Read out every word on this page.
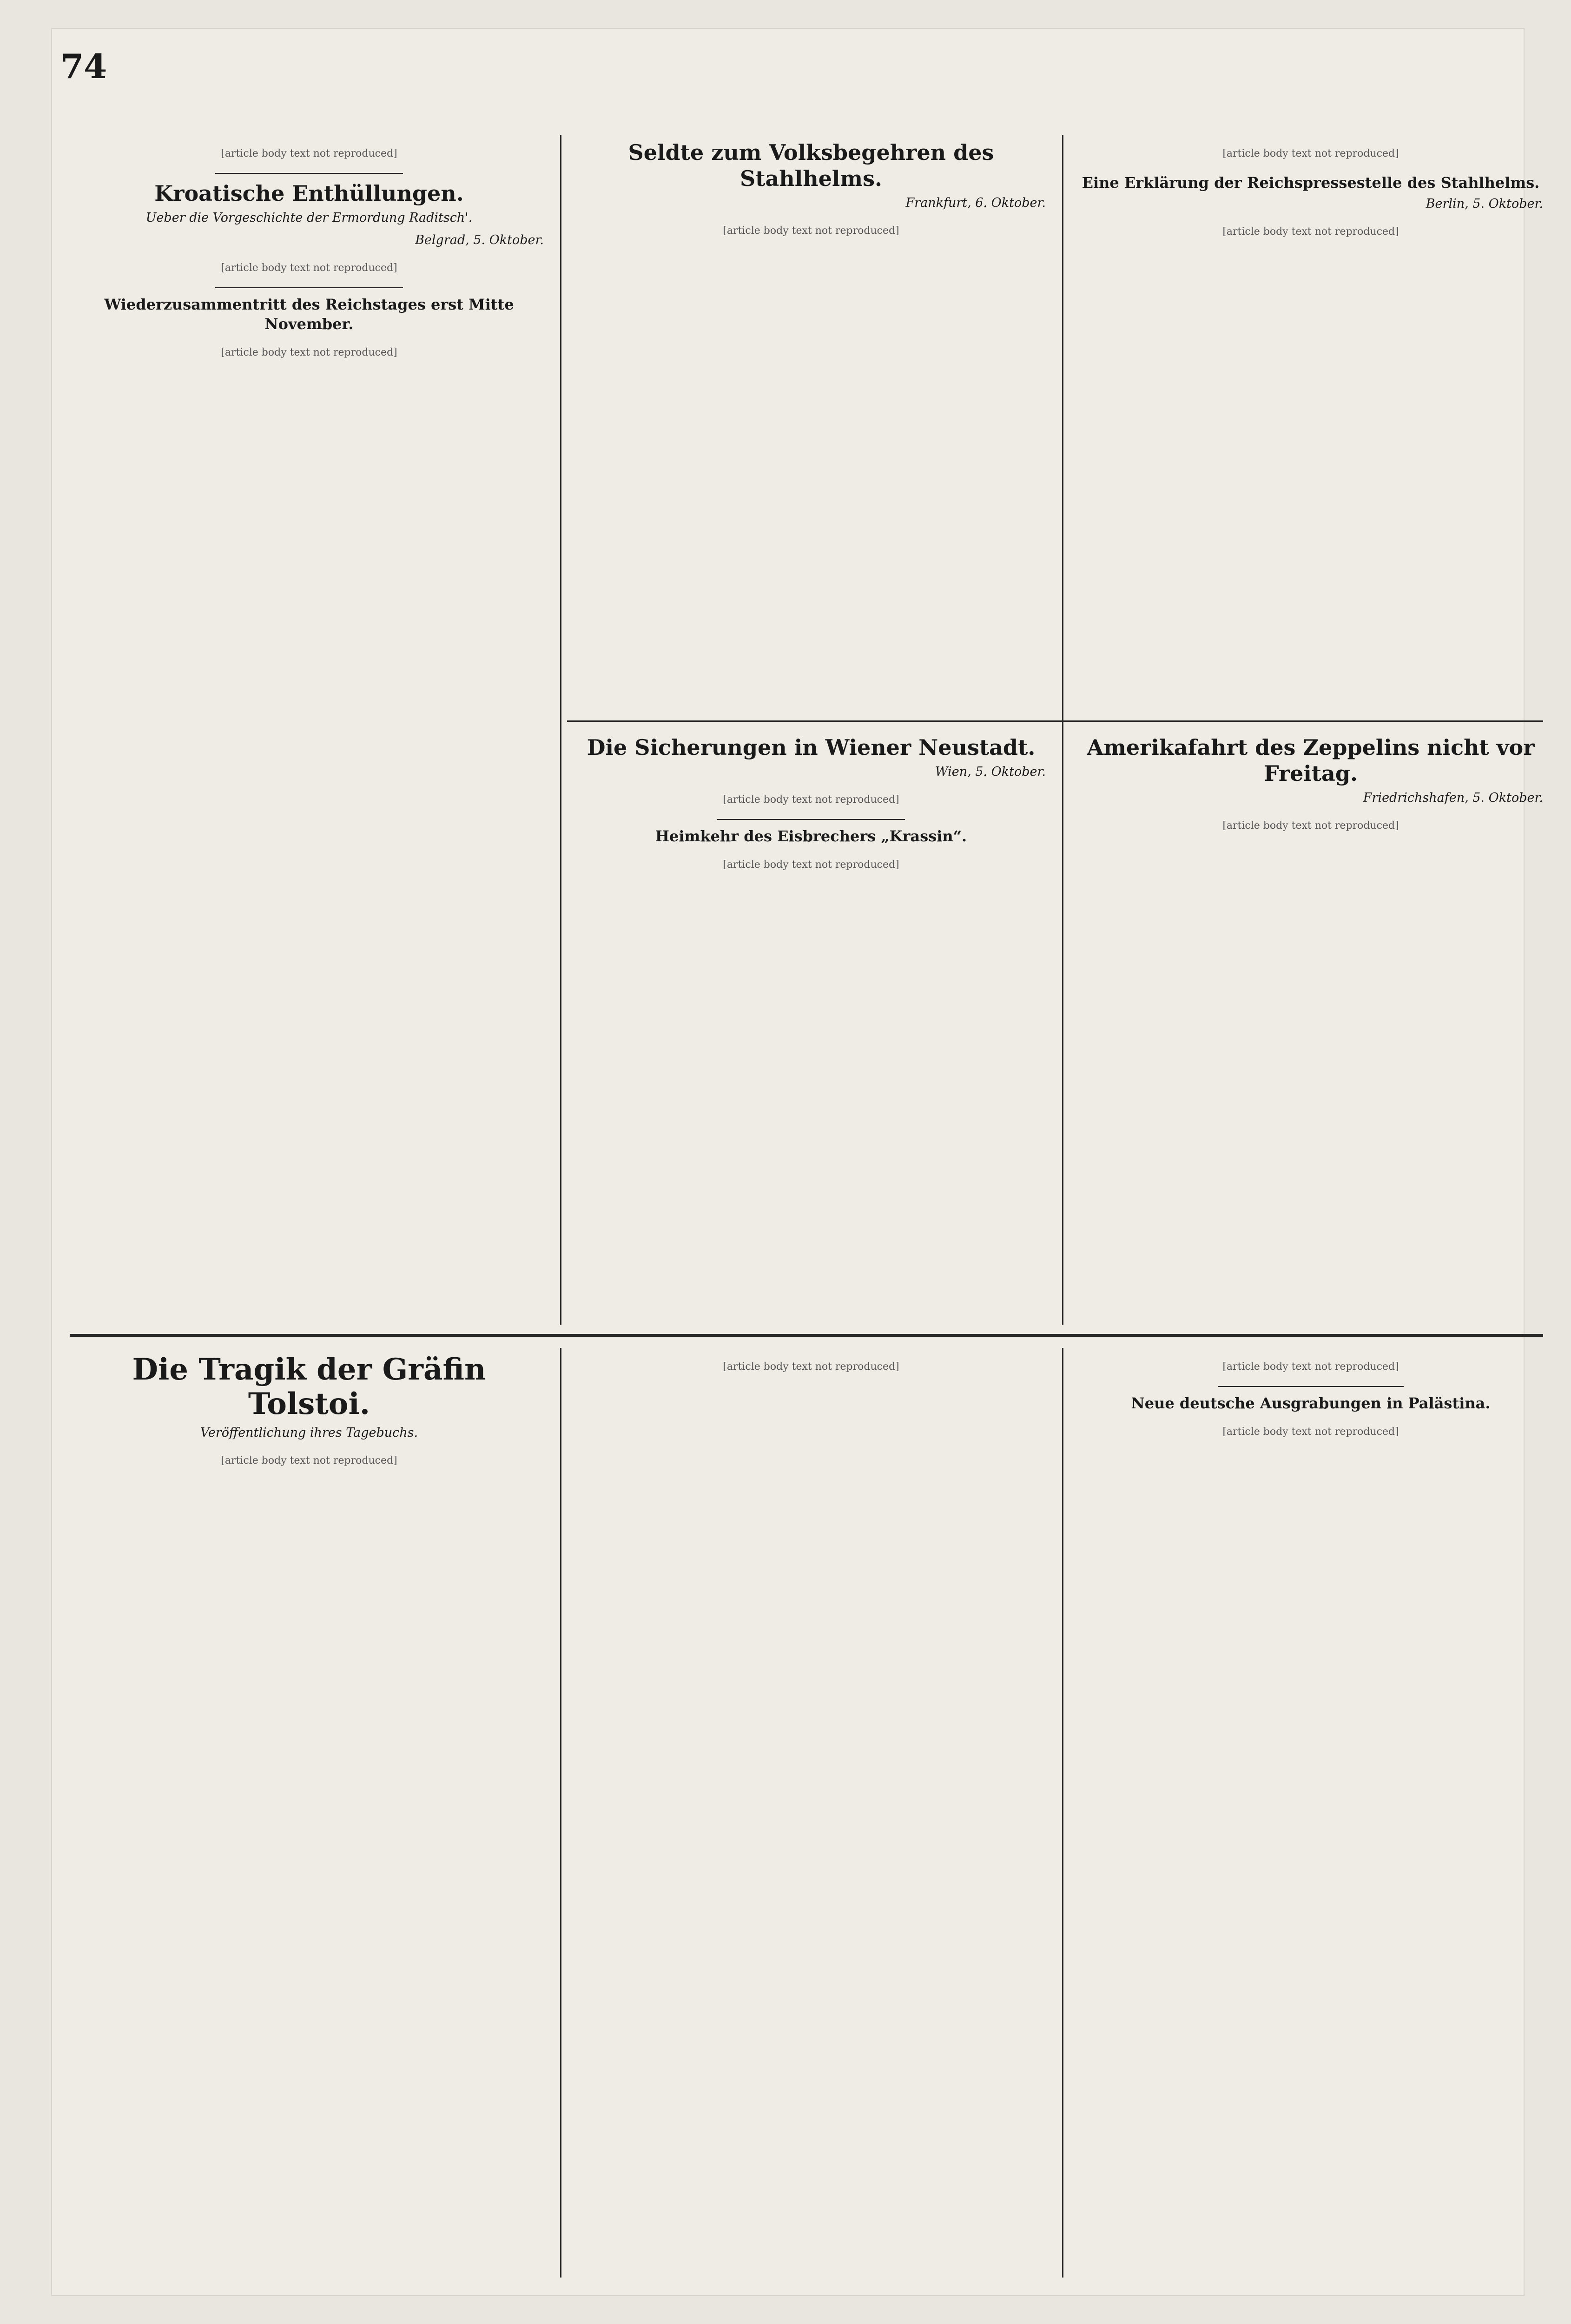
74

[article body text not reproduced]

Kroatische Enthüllungen.
Ueber die Vorgeschichte der Ermordung Raditsch'.
Belgrad, 5. Oktober.

[article body text not reproduced]

Wiederzusammentritt des Reichstages erst Mitte November.

[article body text not reproduced]

Seldte zum Volksbegehren des Stahlhelms.
Frankfurt, 6. Oktober.

[article body text not reproduced]

[article body text not reproduced]

Eine Erklärung der Reichspressestelle des Stahlhelms.
Berlin, 5. Oktober.

[article body text not reproduced]

Die Sicherungen in Wiener Neustadt.
Wien, 5. Oktober.

[article body text not reproduced]

Heimkehr des Eisbrechers „Krassin“.

[article body text not reproduced]

Amerikafahrt des Zeppelins nicht vor Freitag.
Friedrichshafen, 5. Oktober.

[article body text not reproduced]

Die Tragik der Gräfin Tolstoi.
Veröffentlichung ihres Tagebuchs.

[article body text not reproduced]

[article body text not reproduced]	[article body text not reproduced]

Neue deutsche Ausgrabungen in Palästina.

[article body text not reproduced]
